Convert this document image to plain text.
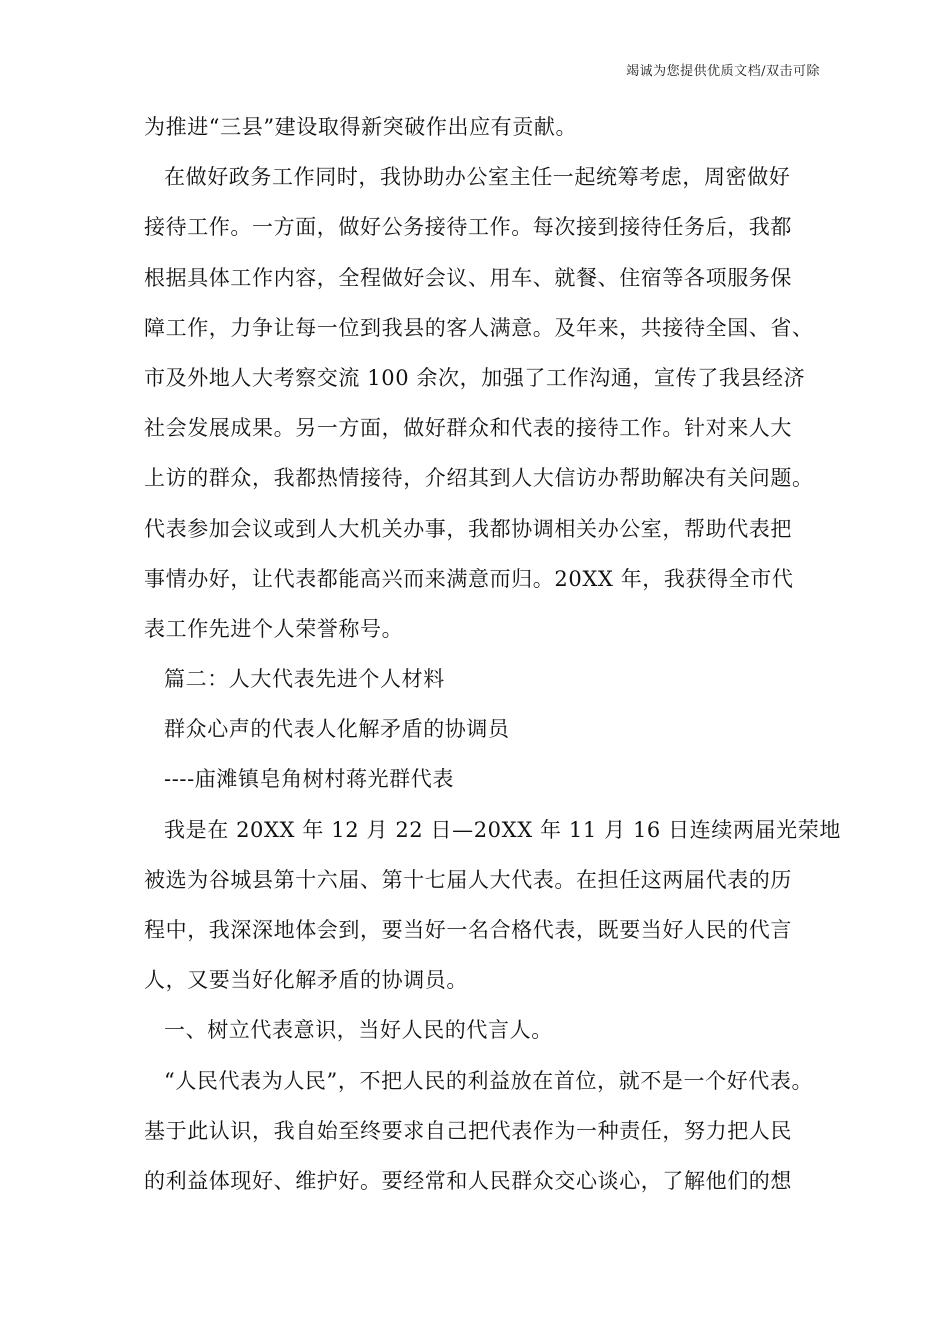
竭诚为您提供优质文档/双击可除
为推进“三县”建设取得新突破作出应有贡献。
在做好政务工作同时，我协助办公室主任一起统筹考虑，周密做好
接待工作。一方面，做好公务接待工作。每次接到接待任务后，我都
根据具体工作内容，全程做好会议、用车、就餐、住宿等各项服务保
障工作，力争让每一位到我县的客人满意。及年来，共接待全国、省、
市及外地人大考察交流 100 余次，加强了工作沟通，宣传了我县经济
社会发展成果。另一方面，做好群众和代表的接待工作。针对来人大
上访的群众，我都热情接待，介绍其到人大信访办帮助解决有关问题。
代表参加会议或到人大机关办事，我都协调相关办公室，帮助代表把
事情办好，让代表都能高兴而来满意而归。20XX 年，我获得全市代
表工作先进个人荣誉称号。
篇二：人大代表先进个人材料
群众心声的代表人化解矛盾的协调员
----庙滩镇皂角树村蒋光群代表
我是在 20XX 年 12 月 22 日—20XX 年 11 月 16 日连续两届光荣地
被选为谷城县第十六届、第十七届人大代表。在担任这两届代表的历
程中，我深深地体会到，要当好一名合格代表，既要当好人民的代言
人，又要当好化解矛盾的协调员。
一、树立代表意识，当好人民的代言人。
“人民代表为人民”，不把人民的利益放在首位，就不是一个好代表。
基于此认识，我自始至终要求自己把代表作为一种责任，努力把人民
的利益体现好、维护好。要经常和人民群众交心谈心，了解他们的想
